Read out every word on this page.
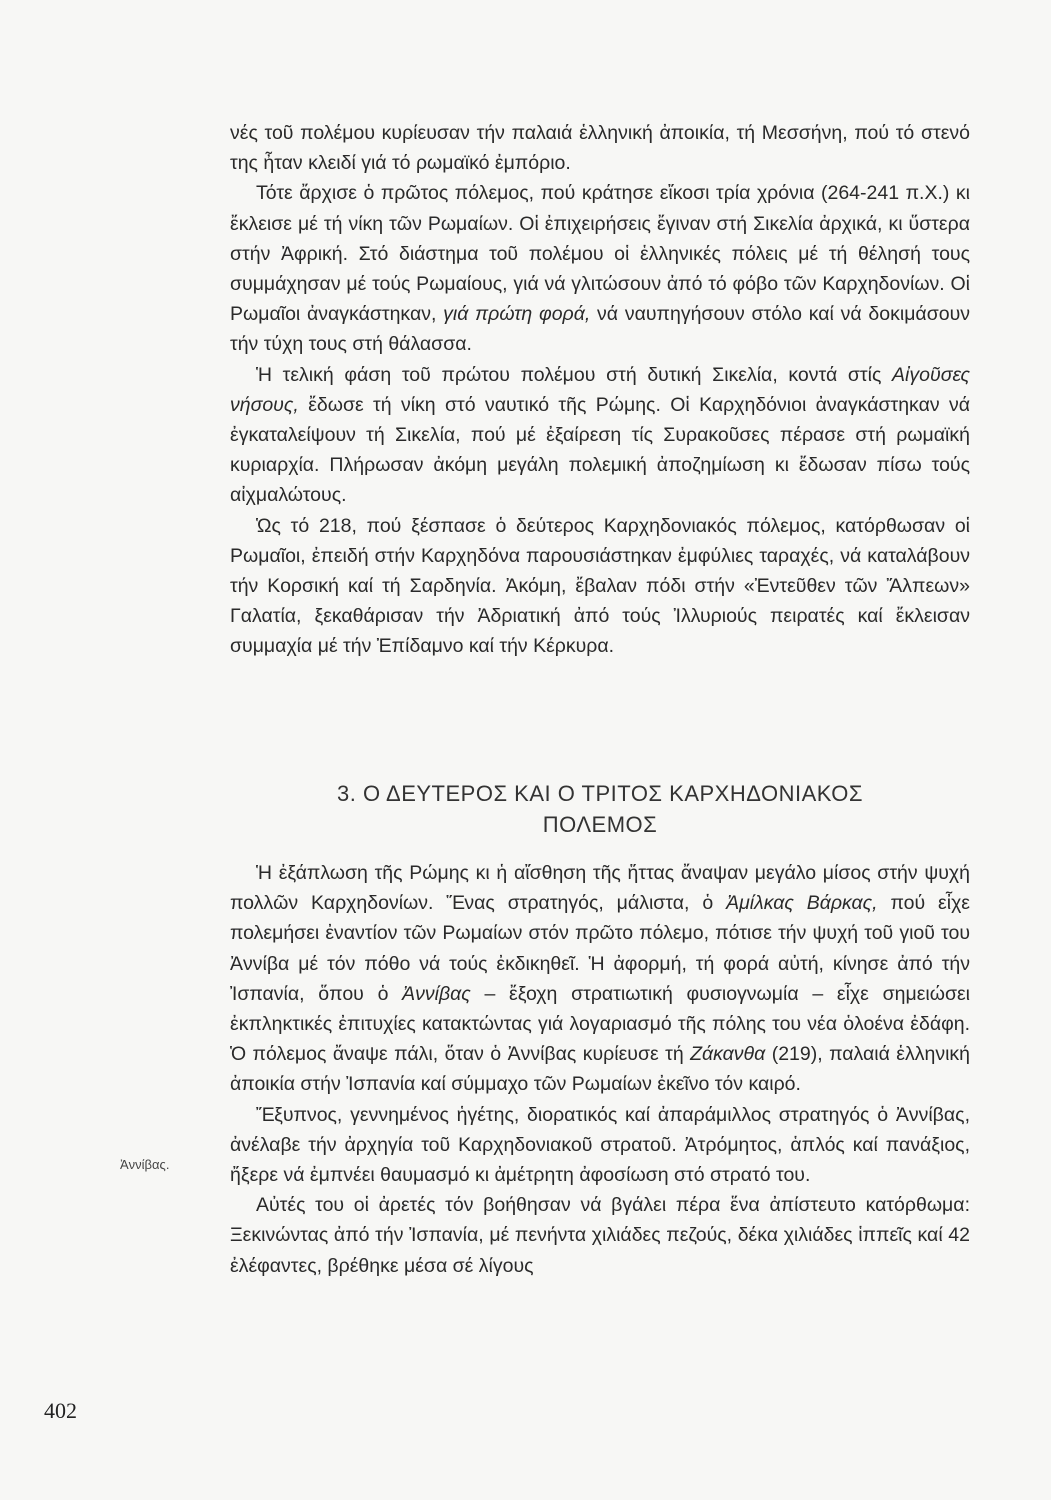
νές τοῦ πολέμου κυρίευσαν τήν παλαιά ἑλληνική ἀποικία, τή Μεσσήνη, πού τό στενό της ἦταν κλειδί γιά τό ρωμαϊκό ἐμπόριο.

Τότε ἄρχισε ὁ πρῶτος πόλεμος, πού κράτησε εἴκοσι τρία χρόνια (264-241 π.Χ.) κι ἔκλεισε μέ τή νίκη τῶν Ρωμαίων. Οἱ ἐπιχειρήσεις ἔγιναν στή Σικελία ἀρχικά, κι ὕστερα στήν Ἀφρική. Στό διάστημα τοῦ πολέμου οἱ ἑλληνικές πόλεις μέ τή θέλησή τους συμμάχησαν μέ τούς Ρωμαίους, γιά νά γλιτώσουν ἀπό τό φόβο τῶν Καρχηδονίων. Οἱ Ρωμαῖοι ἀναγκάστηκαν, γιά πρώτη φορά, νά ναυπηγήσουν στόλο καί νά δοκιμάσουν τήν τύχη τους στή θάλασσα.

Ἡ τελική φάση τοῦ πρώτου πολέμου στή δυτική Σικελία, κοντά στίς Αἰγοῦσες νήσους, ἔδωσε τή νίκη στό ναυτικό τῆς Ρώμης. Οἱ Καρχηδόνιοι ἀναγκάστηκαν νά ἐγκαταλείψουν τή Σικελία, πού μέ ἐξαίρεση τίς Συρακοῦσες πέρασε στή ρωμαϊκή κυριαρχία. Πλήρωσαν ἀκόμη μεγάλη πολεμική ἀποζημίωση κι ἔδωσαν πίσω τούς αἰχμαλώτους.

Ὡς τό 218, πού ξέσπασε ὁ δεύτερος Καρχηδονιακός πόλεμος, κατόρθωσαν οἱ Ρωμαῖοι, ἐπειδή στήν Καρχηδόνα παρουσιάστηκαν ἐμφύλιες ταραχές, νά καταλάβουν τήν Κορσική καί τή Σαρδηνία. Ἀκόμη, ἔβαλαν πόδι στήν «Ἐντεῦθεν τῶν Ἄλπεων» Γαλατία, ξεκαθάρισαν τήν Ἀδριατική ἀπό τούς Ἰλλυριούς πειρατές καί ἔκλεισαν συμμαχία μέ τήν Ἐπίδαμνο καί τήν Κέρκυρα.

3. Ο ΔΕΥΤΕΡΟΣ ΚΑΙ Ο ΤΡΙΤΟΣ ΚΑΡΧΗΔΟΝΙΑΚΟΣ
ΠΟΛΕΜΟΣ

Ἡ ἐξάπλωση τῆς Ρώμης κι ἡ αἴσθηση τῆς ἥττας ἄναψαν μεγάλο μίσος στήν ψυχή πολλῶν Καρχηδονίων. Ἕνας στρατηγός, μάλιστα, ὁ Ἀμίλκας Βάρκας, πού εἶχε πολεμήσει ἐναντίον τῶν Ρωμαίων στόν πρῶτο πόλεμο, πότισε τήν ψυχή τοῦ γιοῦ του Ἀννίβα μέ τόν πόθο νά τούς ἐκδικηθεῖ. Ἡ ἀφορμή, τή φορά αὐτή, κίνησε ἀπό τήν Ἰσπανία, ὅπου ὁ Ἀννίβας – ἔξοχη στρατιωτική φυσιογνωμία – εἶχε σημειώσει ἐκπληκτικές ἐπιτυχίες κατακτώντας γιά λογαριασμό τῆς πόλης του νέα ὁλοένα ἐδάφη. Ὁ πόλεμος ἄναψε πάλι, ὅταν ὁ Ἀννίβας κυρίευσε τή Ζάκανθα (219), παλαιά ἑλληνική ἀποικία στήν Ἰσπανία καί σύμμαχο τῶν Ρωμαίων ἐκεῖνο τόν καιρό.

Ἔξυπνος, γεννημένος ἡγέτης, διορατικός καί ἀπαράμιλλος στρατηγός ὁ Ἀννίβας, ἀνέλαβε τήν ἀρχηγία τοῦ Καρχηδονιακοῦ στρατοῦ. Ἀτρόμητος, ἁπλός καί πανάξιος, ἤξερε νά ἐμπνέει θαυμασμό κι ἀμέτρητη ἀφοσίωση στό στρατό του.

Αὐτές του οἱ ἀρετές τόν βοήθησαν νά βγάλει πέρα ἕνα ἀπίστευτο κατόρθωμα: Ξεκινώντας ἀπό τήν Ἰσπανία, μέ πενήντα χιλιάδες πεζούς, δέκα χιλιάδες ἱππεῖς καί 42 ἐλέφαντες, βρέθηκε μέσα σέ λίγους

Ἀννίβας.
402
